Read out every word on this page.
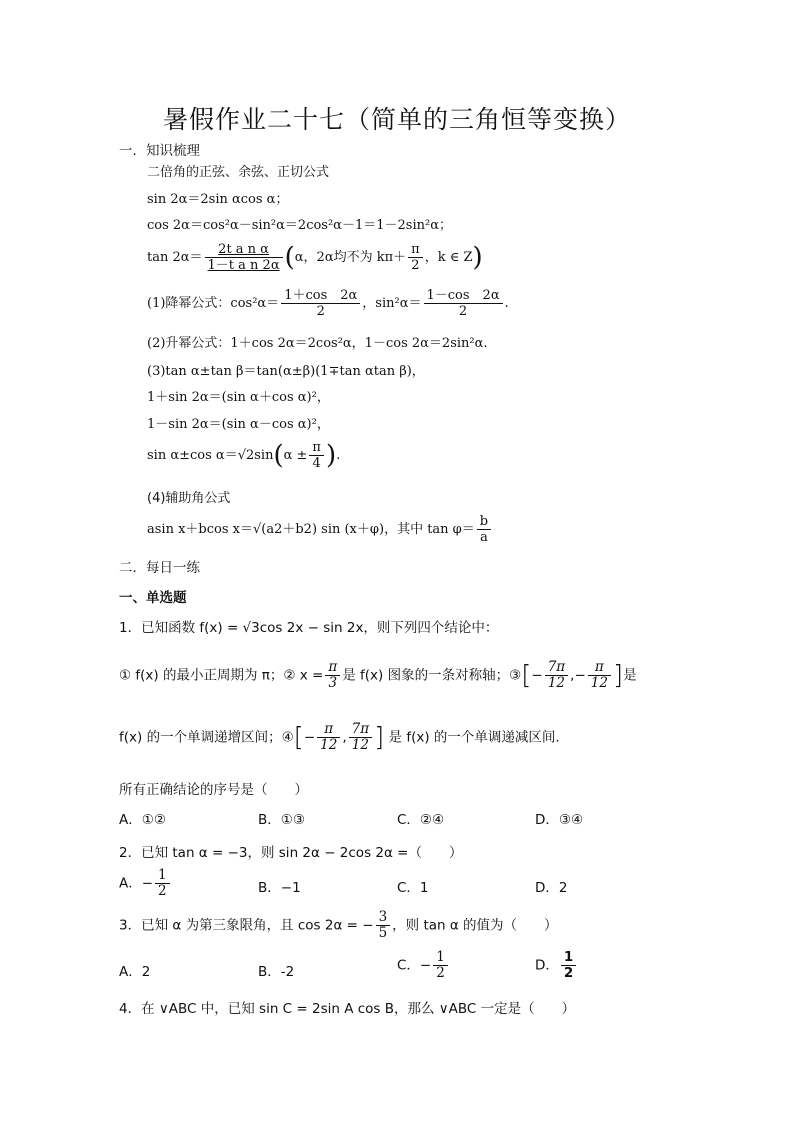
暑假作业二十七（简单的三角恒等变换）
一．知识梳理
二倍角的正弦、余弦、正切公式
sin 2α＝2sin αcos α；
cos 2α＝cos²α－sin²α＝2cos²α－1＝1－2sin²α；
$\tan 2\alpha= \frac{\text{2t a n α}}{\text{1－t a n 2α}} (\alpha$，2α均不为 $k\pi+ \frac{\pi}{2}$ ，k ∈ Z)
(1)降幂公式：$\cos^2\alpha= \frac{1+\cos 2\alpha}{2}$ ，$\sin^2\alpha= \frac{1-\cos 2\alpha}{2}$ .
(2)升幂公式：1＋cos 2α＝2cos²α，1－cos 2α＝2sin²α.
(3)tan α±tan β＝tan(α±β)(1∓tan αtan β)，
1＋sin 2α＝(sin α＋cos α)²，
1－sin 2α＝(sin α－cos α)²，
sin α±cos $\alpha=√2\sin(\alpha \pm \frac{\pi}{4}$ ).
(4)辅助角公式
asin x＋bcos x＝√(a2＋b2) sin (x＋φ)，其中 $\tan \varphi= \frac{b}{a}$
二．每日一练
一、单选题
1．已知函数 f(x) = √3cos 2x − sin 2x，则下列四个结论中：
① f(x) 的最小正周期为 π；② $x = \frac{\pi}{3}$ 是 f(x) 图象的一条对称轴；③[− $\frac{7\pi}{12}$ ,− $\frac{\pi}{12}$ ]是
f(x) 的一个单调递增区间；④[− $\frac{\pi}{12}$ , $\frac{7\pi}{12}$ ] 是 f(x) 的一个单调递减区间.
所有正确结论的序号是（　　）
A．①②	B．①③	C．②④	D．③④
2．已知 tan α = −3，则 sin 2α − 2cos 2α =（　　）
A．− $\frac{1}{2}$	B．−1	C．1	D．2
3．已知 α 为第三象限角，且 cos 2α = − $\frac{3}{5}$ ，则 tan α 的值为（　　）
A．2	B．-2	C．− $\frac{1}{2}$	D． $\frac{1}{2}$
4．在 ∨ABC 中，已知 sin C = 2sin A cos B，那么 ∨ABC 一定是（　　）
